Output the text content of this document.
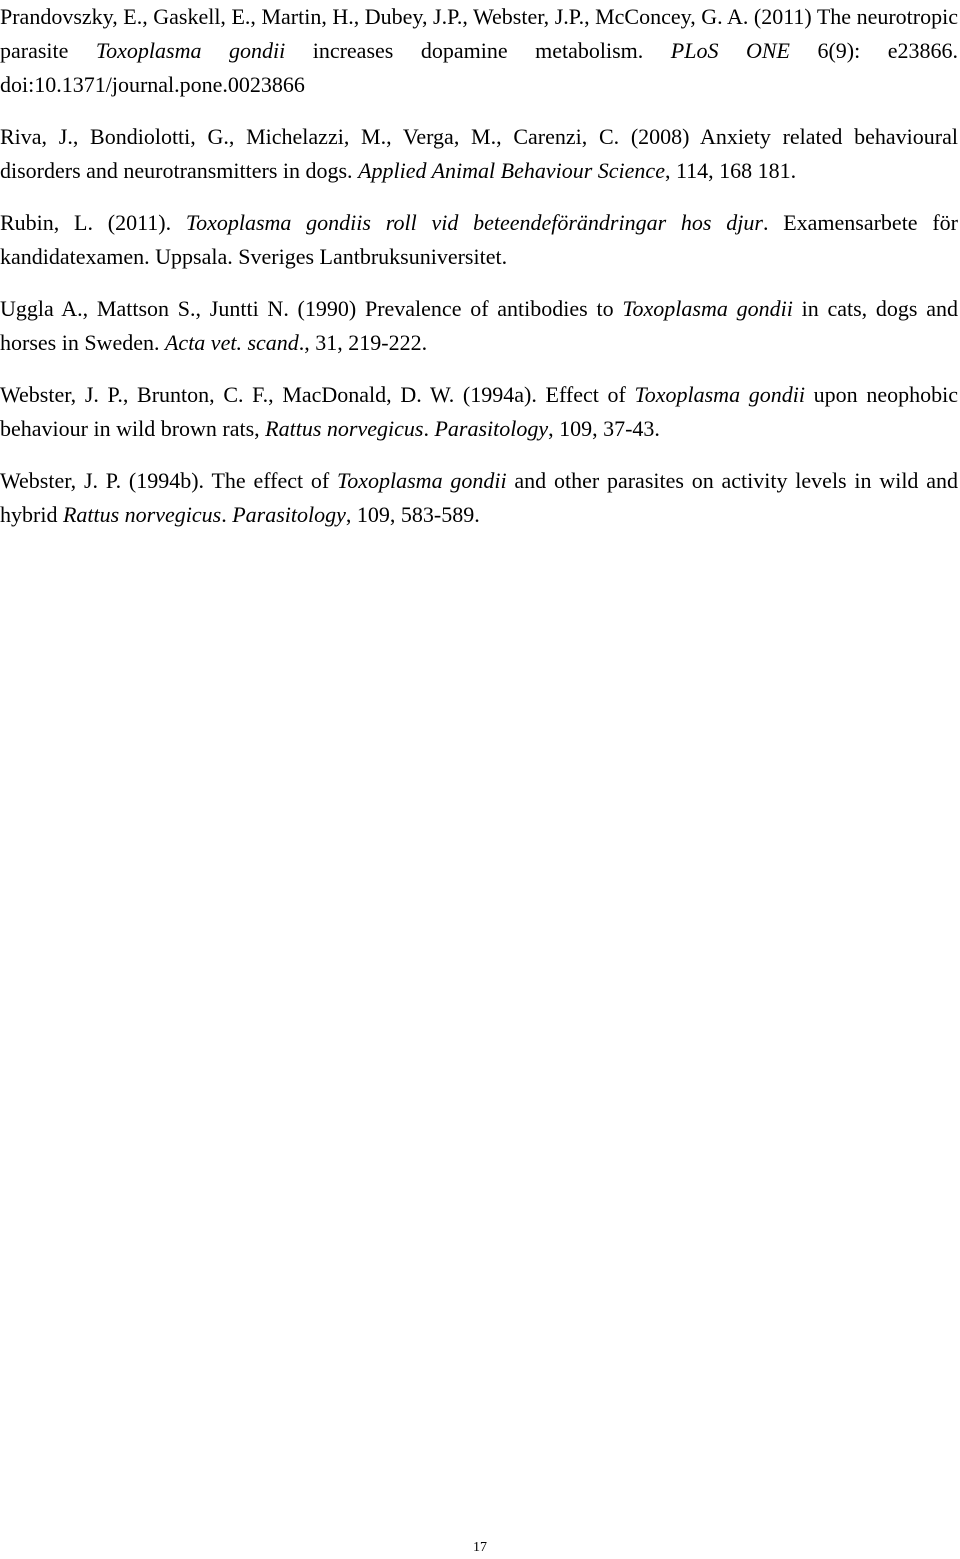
Prandovszky, E., Gaskell, E., Martin, H., Dubey, J.P., Webster, J.P., McConcey, G. A. (2011) The neurotropic parasite Toxoplasma gondii increases dopamine metabolism. PLoS ONE 6(9): e23866. doi:10.1371/journal.pone.0023866

Riva, J., Bondiolotti, G., Michelazzi, M., Verga, M., Carenzi, C. (2008) Anxiety related behavioural disorders and neurotransmitters in dogs. Applied Animal Behaviour Science, 114, 168 181.

Rubin, L. (2011). Toxoplasma gondiis roll vid beteendeförändringar hos djur. Examensarbete för kandidatexamen. Uppsala. Sveriges Lantbruksuniversitet.

Uggla A., Mattson S., Juntti N. (1990) Prevalence of antibodies to Toxoplasma gondii in cats, dogs and horses in Sweden. Acta vet. scand., 31, 219-222.

Webster, J. P., Brunton, C. F., MacDonald, D. W. (1994a). Effect of Toxoplasma gondii upon neophobic behaviour in wild brown rats, Rattus norvegicus. Parasitology, 109, 37-43.

Webster, J. P. (1994b). The effect of Toxoplasma gondii and other parasites on activity levels in wild and hybrid Rattus norvegicus. Parasitology, 109, 583-589.

17
